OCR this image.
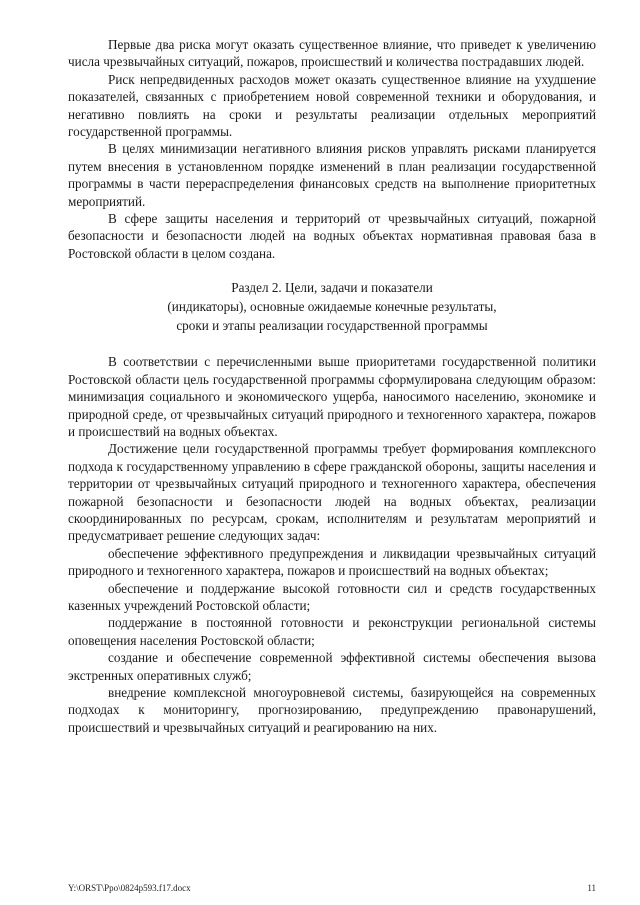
Первые два риска могут оказать существенное влияние, что приведет к увеличению числа чрезвычайных ситуаций, пожаров, происшествий и количества пострадавших людей.

Риск непредвиденных расходов может оказать существенное влияние на ухудшение показателей, связанных с приобретением новой современной техники и оборудования, и негативно повлиять на сроки и результаты реализации отдельных мероприятий государственной программы.

В целях минимизации негативного влияния рисков управлять рисками планируется путем внесения в установленном порядке изменений в план реализации государственной программы в части перераспределения финансовых средств на выполнение приоритетных мероприятий.

В сфере защиты населения и территорий от чрезвычайных ситуаций, пожарной безопасности и безопасности людей на водных объектах нормативная правовая база в Ростовской области в целом создана.

Раздел 2. Цели, задачи и показатели
(индикаторы), основные ожидаемые конечные результаты,
сроки и этапы реализации государственной программы

В соответствии с перечисленными выше приоритетами государственной политики Ростовской области цель государственной программы сформулирована следующим образом: минимизация социального и экономического ущерба, наносимого населению, экономике и природной среде, от чрезвычайных ситуаций природного и техногенного характера, пожаров и происшествий на водных объектах.

Достижение цели государственной программы требует формирования комплексного подхода к государственному управлению в сфере гражданской обороны, защиты населения и территории от чрезвычайных ситуаций природного и техногенного характера, обеспечения пожарной безопасности и безопасности людей на водных объектах, реализации скоординированных по ресурсам, срокам, исполнителям и результатам мероприятий и предусматривает решение следующих задач:

обеспечение эффективного предупреждения и ликвидации чрезвычайных ситуаций природного и техногенного характера, пожаров и происшествий на водных объектах;

обеспечение и поддержание высокой готовности сил и средств государственных казенных учреждений Ростовской области;

поддержание в постоянной готовности и реконструкции региональной системы оповещения населения Ростовской области;

создание и обеспечение современной эффективной системы обеспечения вызова экстренных оперативных служб;

внедрение комплексной многоуровневой системы, базирующейся на современных подходах к мониторингу, прогнозированию, предупреждению правонарушений, происшествий и чрезвычайных ситуаций и реагированию на них.

Y:\ORST\Ppo\0824p593.f17.docx	11
